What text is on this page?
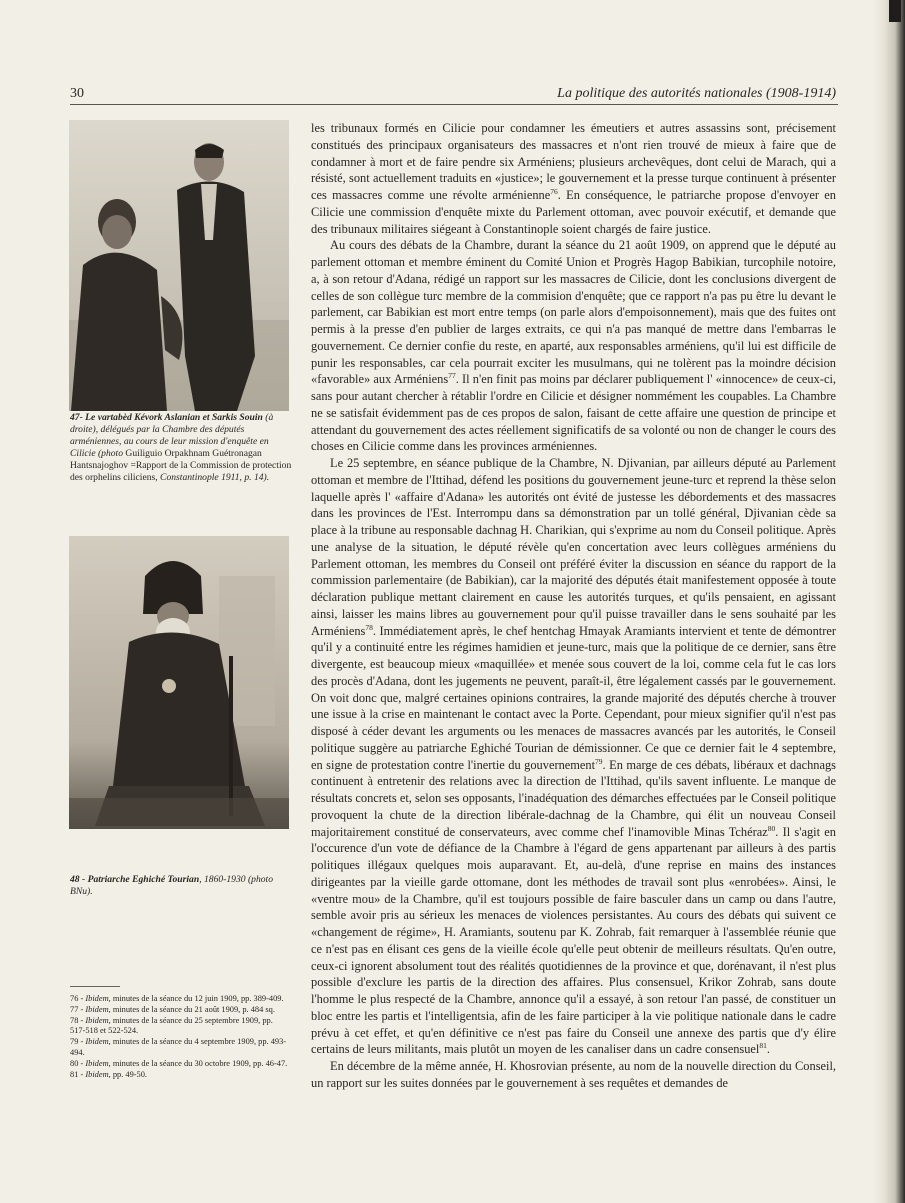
30	La politique des autorités nationales (1908-1914)
47- Le vartabèd Kévork Aslanian et Sarkis Souin (à droite), délégués par la Chambre des députés arméniennes, au cours de leur mission d'enquête en Cilicie (photo Guiliguio Orpakhnam Guétronagan Hantsnajoghov =Rapport de la Commission de protection des orphelins ciliciens, Constantinople 1911, p. 14).
48 - Patriarche Eghiché Tourian, 1860-1930 (photo BNu).

76 - Ibidem, minutes de la séance du 12 juin 1909, pp. 389-409.

77 - Ibidem, minutes de la séance du 21 août 1909, p. 484 sq.

78 - Ibidem, minutes de la séance du 25 septembre 1909, pp. 517-518 et 522-524.

79 - Ibidem, minutes de la séance du 4 septembre 1909, pp. 493-494.

80 - Ibidem, minutes de la séance du 30 octobre 1909, pp. 46-47.

81 - Ibidem, pp. 49-50.

les tribunaux formés en Cilicie pour condamner les émeutiers et autres assassins sont, précisement constitués des principaux organisateurs des massacres et n'ont rien trouvé de mieux à faire que de condamner à mort et de faire pendre six Arméniens; plusieurs archevêques, dont celui de Marach, qui a résisté, sont actuellement traduits en «justice»; le gouvernement et la presse turque continuent à présenter ces massacres comme une révolte arménienne$^{76}$. En conséquence, le patriarche propose d'envoyer en Cilicie une commission d'enquête mixte du Parlement ottoman, avec pouvoir exécutif, et demande que des tribunaux militaires siégeant à Constantinople soient chargés de faire justice.

Au cours des débats de la Chambre, durant la séance du 21 août 1909, on apprend que le député au parlement ottoman et membre éminent du Comité Union et Progrès Hagop Babikian, turcophile notoire, a, à son retour d'Adana, rédigé un rapport sur les massacres de Cilicie, dont les conclusions divergent de celles de son collègue turc membre de la commision d'enquête; que ce rapport n'a pas pu être lu devant le parlement, car Babikian est mort entre temps (on parle alors d'empoisonnement), mais que des fuites ont permis à la presse d'en publier de larges extraits, ce qui n'a pas manqué de mettre dans l'embarras le gouvernement. Ce dernier confie du reste, en aparté, aux responsables arméniens, qu'il lui est difficile de punir les responsables, car cela pourrait exciter les musulmans, qui ne tolèrent pas la moindre décision «favorable» aux Arméniens$^{77}$. Il n'en finit pas moins par déclarer publiquement l' «innocence» de ceux-ci, sans pour autant chercher à rétablir l'ordre en Cilicie et désigner nommément les coupables. La Chambre ne se satisfait évidemment pas de ces propos de salon, faisant de cette affaire une question de principe et attendant du gouvernement des actes réellement significatifs de sa volonté ou non de changer le cours des choses en Cilicie comme dans les provinces arméniennes.

Le 25 septembre, en séance publique de la Chambre, N. Djivanian, par ailleurs député au Parlement ottoman et membre de l'Ittihad, défend les positions du gouvernement jeune-turc et reprend la thèse selon laquelle après l' «affaire d'Adana» les autorités ont évité de justesse les débordements et des massacres dans les provinces de l'Est. Interrompu dans sa démonstration par un tollé général, Djivanian cède sa place à la tribune au responsable dachnag H. Charikian, qui s'exprime au nom du Conseil politique. Après une analyse de la situation, le député révèle qu'en concertation avec leurs collègues arméniens du Parlement ottoman, les membres du Conseil ont préféré éviter la discussion en séance du rapport de la commission parlementaire (de Babikian), car la majorité des députés était manifestement opposée à toute déclaration publique mettant clairement en cause les autorités turques, et qu'ils pensaient, en agissant ainsi, laisser les mains libres au gouvernement pour qu'il puisse travailler dans le sens souhaité par les Arméniens$^{78}$. Immédiatement après, le chef hentchag Hmayak Aramiants intervient et tente de démontrer qu'il y a continuité entre les régimes hamidien et jeune-turc, mais que la politique de ce dernier, sans être divergente, est beaucoup mieux «maquillée» et menée sous couvert de la loi, comme cela fut le cas lors des procès d'Adana, dont les jugements ne peuvent, paraît-il, être légalement cassés par le gouvernement. On voit donc que, malgré certaines opinions contraires, la grande majorité des députés cherche à trouver une issue à la crise en maintenant le contact avec la Porte. Cependant, pour mieux signifier qu'il n'est pas disposé à céder devant les arguments ou les menaces de massacres avancés par les autorités, le Conseil politique suggère au patriarche Eghiché Tourian de démissionner. Ce que ce dernier fait le 4 septembre, en signe de protestation contre l'inertie du gouvernement$^{79}$. En marge de ces débats, libéraux et dachnags continuent à entretenir des relations avec la direction de l'Ittihad, qu'ils savent influente. Le manque de résultats concrets et, selon ses opposants, l'inadéquation des démarches effectuées par le Conseil politique provoquent la chute de la direction libérale-dachnag de la Chambre, qui élit un nouveau Conseil majoritairement constitué de conservateurs, avec comme chef l'inamovible Minas Tchéraz$^{80}$. Il s'agit en l'occurence d'un vote de défiance de la Chambre à l'égard de gens appartenant par ailleurs à des partis politiques illégaux quelques mois auparavant. Et, au-delà, d'une reprise en mains des instances dirigeantes par la vieille garde ottomane, dont les méthodes de travail sont plus «enrobées». Ainsi, le «ventre mou» de la Chambre, qu'il est toujours possible de faire basculer dans un camp ou dans l'autre, semble avoir pris au sérieux les menaces de violences persistantes. Au cours des débats qui suivent ce «changement de régime», H. Aramiants, soutenu par K. Zohrab, fait remarquer à l'assemblée réunie que ce n'est pas en élisant ces gens de la vieille école qu'elle peut obtenir de meilleurs résultats. Qu'en outre, ceux-ci ignorent absolument tout des réalités quotidiennes de la province et que, dorénavant, il n'est plus possible d'exclure les partis de la direction des affaires. Plus consensuel, Krikor Zohrab, sans doute l'homme le plus respecté de la Chambre, annonce qu'il a essayé, à son retour l'an passé, de constituer un bloc entre les partis et l'intelligentsia, afin de les faire participer à la vie politique nationale dans le cadre prévu à cet effet, et qu'en définitive ce n'est pas faire du Conseil une annexe des partis que d'y élire certains de leurs militants, mais plutôt un moyen de les canaliser dans un cadre consensuel$^{81}$.

En décembre de la même année, H. Khosrovian présente, au nom de la nouvelle direction du Conseil, un rapport sur les suites données par le gouvernement à ses requêtes et demandes de
